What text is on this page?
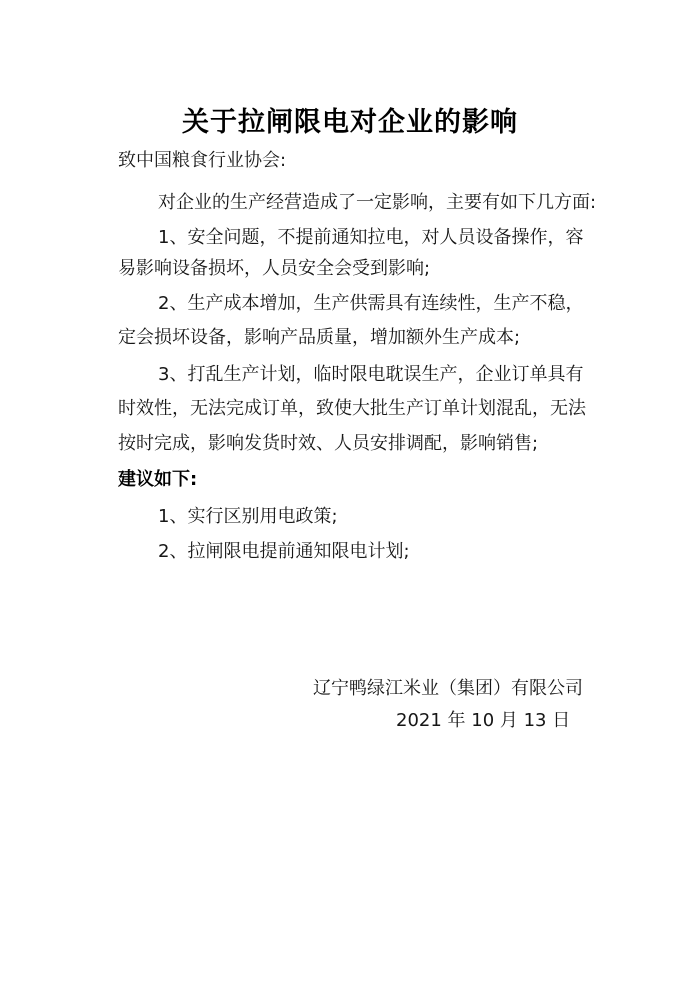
关于拉闸限电对企业的影响
致中国粮食行业协会:
对企业的生产经营造成了一定影响，主要有如下几方面:
1、安全问题，不提前通知拉电，对人员设备操作，容
易影响设备损坏，人员安全会受到影响;
2、生产成本增加，生产供需具有连续性，生产不稳，
定会损坏设备，影响产品质量，增加额外生产成本;
3、打乱生产计划，临时限电耽误生产，企业订单具有
时效性，无法完成订单，致使大批生产订单计划混乱，无法
按时完成，影响发货时效、人员安排调配，影响销售;
建议如下:
1、实行区别用电政策;
2、拉闸限电提前通知限电计划;
辽宁鸭绿江米业（集团）有限公司
2021 年 10 月 13 日
